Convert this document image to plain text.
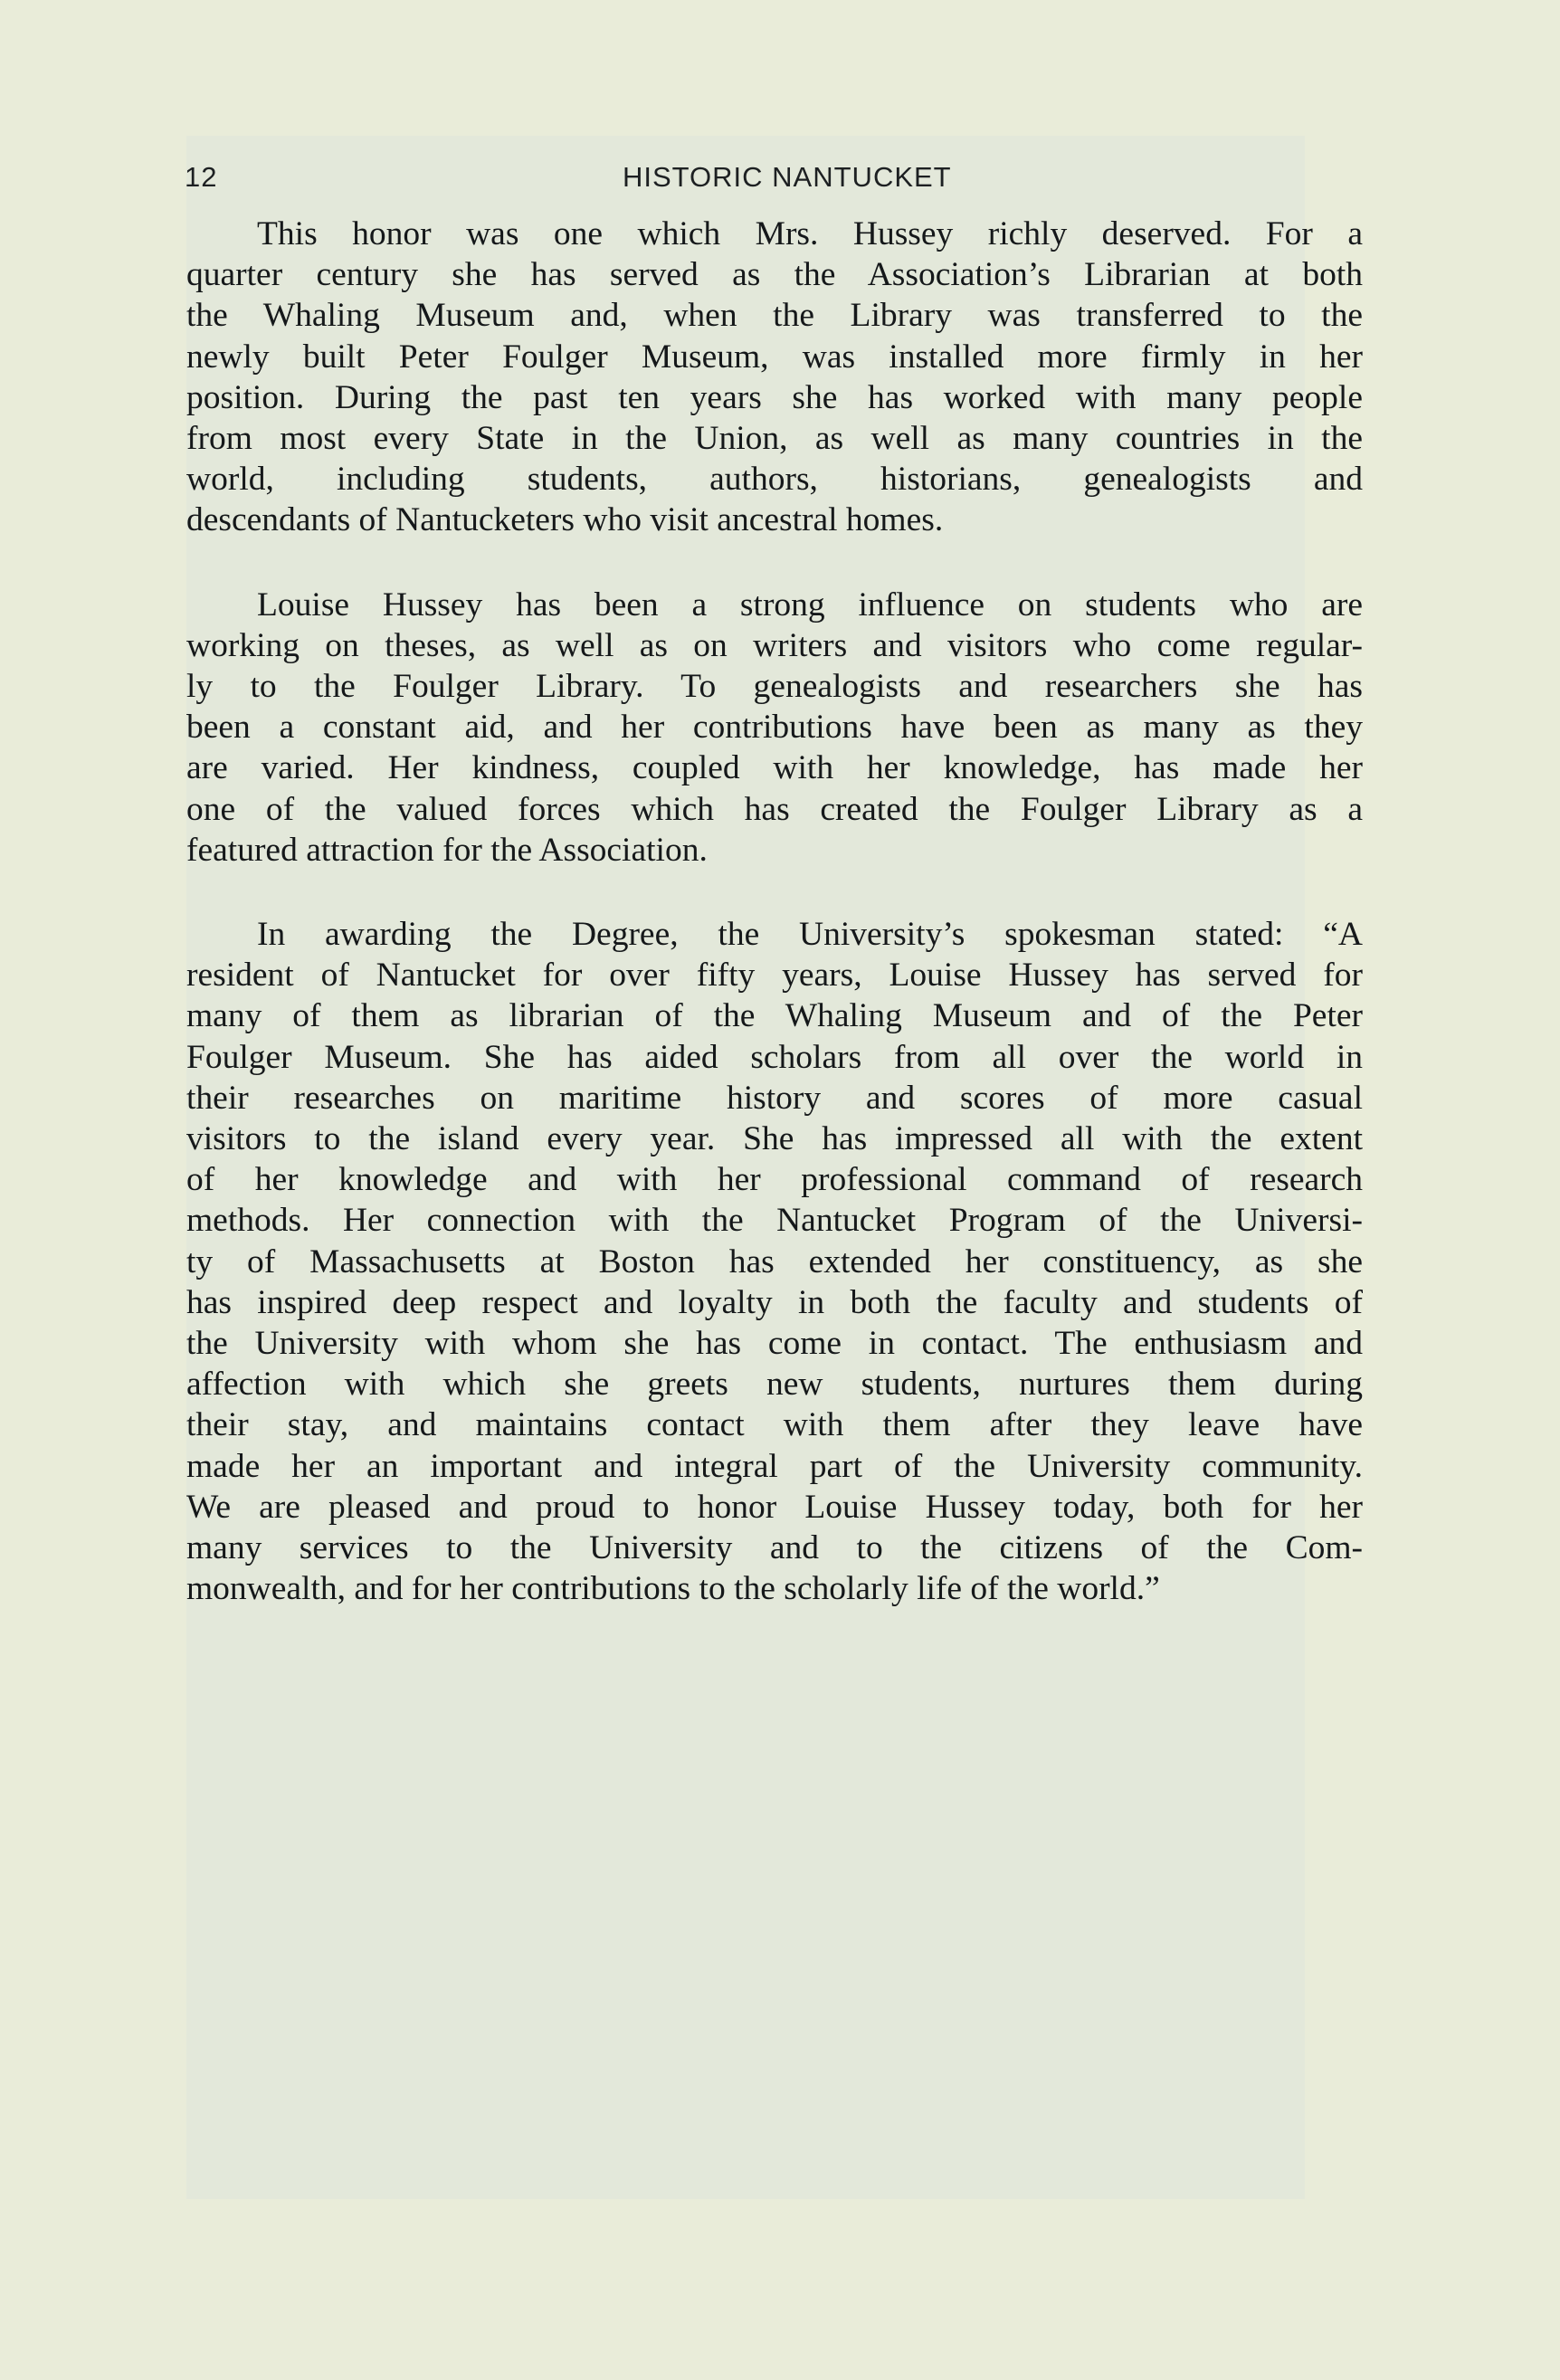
12	HISTORIC NANTUCKET

This honor was one which Mrs. Hussey richly deserved. For a
quarter century she has served as the Association’s Librarian at both
the Whaling Museum and, when the Library was transferred to the
newly built Peter Foulger Museum, was installed more firmly in her
position. During the past ten years she has worked with many people
from most every State in the Union, as well as many countries in the
world, including students, authors, historians, genealogists and
descendants of Nantucketers who visit ancestral homes.

Louise Hussey has been a strong influence on students who are
working on theses, as well as on writers and visitors who come regular-
ly to the Foulger Library. To genealogists and researchers she has
been a constant aid, and her contributions have been as many as they
are varied. Her kindness, coupled with her knowledge, has made her
one of the valued forces which has created the Foulger Library as a
featured attraction for the Association.

In awarding the Degree, the University’s spokesman stated: “A
resident of Nantucket for over fifty years, Louise Hussey has served for
many of them as librarian of the Whaling Museum and of the Peter
Foulger Museum. She has aided scholars from all over the world in
their researches on maritime history and scores of more casual
visitors to the island every year. She has impressed all with the extent
of her knowledge and with her professional command of research
methods. Her connection with the Nantucket Program of the Universi-
ty of Massachusetts at Boston has extended her constituency, as she
has inspired deep respect and loyalty in both the faculty and students of
the University with whom she has come in contact. The enthusiasm and
affection with which she greets new students, nurtures them during
their stay, and maintains contact with them after they leave have
made her an important and integral part of the University community.
We are pleased and proud to honor Louise Hussey today, both for her
many services to the University and to the citizens of the Com-
monwealth, and for her contributions to the scholarly life of the world.”
